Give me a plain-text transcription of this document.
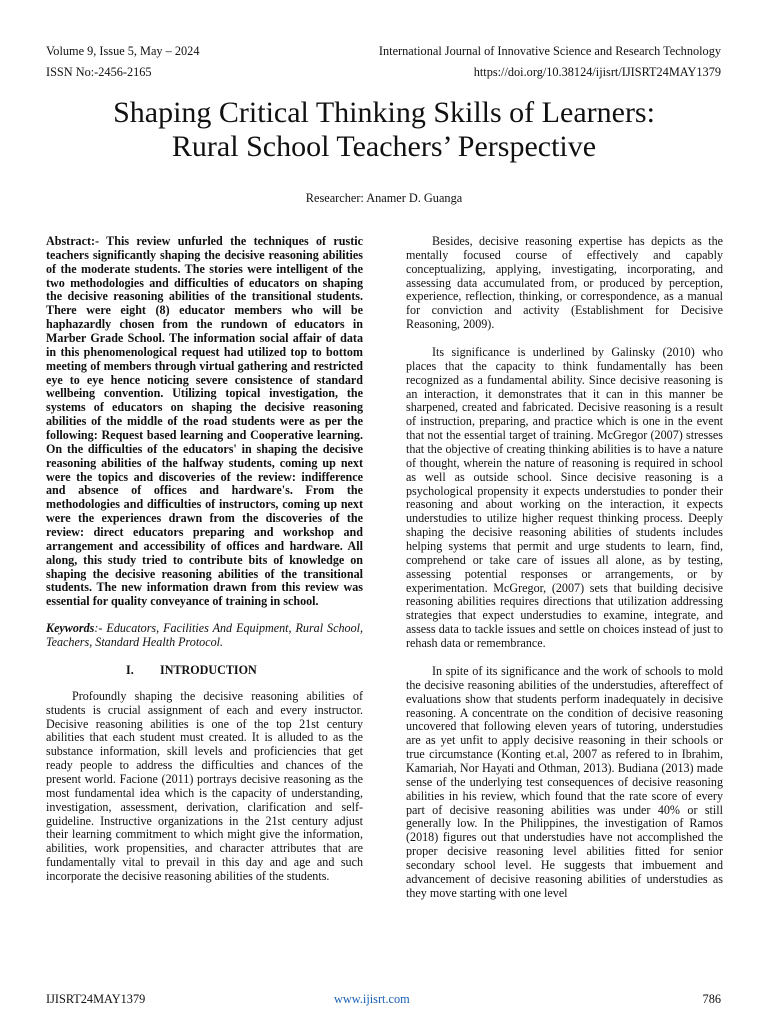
Volume 9, Issue 5, May – 2024	International Journal of Innovative Science and Research Technology
ISSN No:-2456-2165	https://doi.org/10.38124/ijisrt/IJISRT24MAY1379
Shaping Critical Thinking Skills of Learners:
Rural School Teachers’ Perspective
Researcher: Anamer D. Guanga

Abstract:- This review unfurled the techniques of rustic teachers significantly shaping the decisive reasoning abilities of the moderate students. The stories were intelligent of the two methodologies and difficulties of educators on shaping the decisive reasoning abilities of the transitional students. There were eight (8) educator members who will be haphazardly chosen from the rundown of educators in Marber Grade School. The information social affair of data in this phenomenological request had utilized top to bottom meeting of members through virtual gathering and restricted eye to eye hence noticing severe consistence of standard wellbeing convention. Utilizing topical investigation, the systems of educators on shaping the decisive reasoning abilities of the middle of the road students were as per the following: Request based learning and Cooperative learning. On the difficulties of the educators' in shaping the decisive reasoning abilities of the halfway students, coming up next were the topics and discoveries of the review: indifference and absence of offices and hardware's. From the methodologies and difficulties of instructors, coming up next were the experiences drawn from the discoveries of the review: direct educators preparing and workshop and arrangement and accessibility of offices and hardware. All along, this study tried to contribute bits of knowledge on shaping the decisive reasoning abilities of the transitional students. The new information drawn from this review was essential for quality conveyance of training in school.

Keywords:- Educators, Facilities And Equipment, Rural School, Teachers, Standard Health Protocol.

I. INTRODUCTION

Profoundly shaping the decisive reasoning abilities of students is crucial assignment of each and every instructor. Decisive reasoning abilities is one of the top 21st century abilities that each student must created. It is alluded to as the substance information, skill levels and proficiencies that get ready people to address the difficulties and chances of the present world. Facione (2011) portrays decisive reasoning as the most fundamental idea which is the capacity of understanding, investigation, assessment, derivation, clarification and self-guideline. Instructive organizations in the 21st century adjust their learning commitment to which might give the information, abilities, work propensities, and character attributes that are fundamentally vital to prevail in this day and age and such incorporate the decisive reasoning abilities of the students.

Besides, decisive reasoning expertise has depicts as the mentally focused course of effectively and capably conceptualizing, applying, investigating, incorporating, and assessing data accumulated from, or produced by perception, experience, reflection, thinking, or correspondence, as a manual for conviction and activity (Establishment for Decisive Reasoning, 2009).

Its significance is underlined by Galinsky (2010) who places that the capacity to think fundamentally has been recognized as a fundamental ability. Since decisive reasoning is an interaction, it demonstrates that it can in this manner be sharpened, created and fabricated. Decisive reasoning is a result of instruction, preparing, and practice which is one in the event that not the essential target of training. McGregor (2007) stresses that the objective of creating thinking abilities is to have a nature of thought, wherein the nature of reasoning is required in school as well as outside school. Since decisive reasoning is a psychological propensity it expects understudies to ponder their reasoning and about working on the interaction, it expects understudies to utilize higher request thinking process. Deeply shaping the decisive reasoning abilities of students includes helping systems that permit and urge students to learn, find, comprehend or take care of issues all alone, as by testing, assessing potential responses or arrangements, or by experimentation. McGregor, (2007) sets that building decisive reasoning abilities requires directions that utilization addressing strategies that expect understudies to examine, integrate, and assess data to tackle issues and settle on choices instead of just to rehash data or remembrance.

In spite of its significance and the work of schools to mold the decisive reasoning abilities of the understudies, aftereffect of evaluations show that students perform inadequately in decisive reasoning. A concentrate on the condition of decisive reasoning uncovered that following eleven years of tutoring, understudies are as yet unfit to apply decisive reasoning in their schools or true circumstance (Konting et.al, 2007 as refered to in Ibrahim, Kamariah, Nor Hayati and Othman, 2013). Budiana (2013) made sense of the underlying test consequences of decisive reasoning abilities in his review, which found that the rate score of every part of decisive reasoning abilities was under 40% or still generally low. In the Philippines, the investigation of Ramos (2018) figures out that understudies have not accomplished the proper decisive reasoning level abilities fitted for senior secondary school level. He suggests that imbuement and advancement of decisive reasoning abilities of understudies as they move starting with one level

IJISRT24MAY1379	www.ijisrt.com	786
